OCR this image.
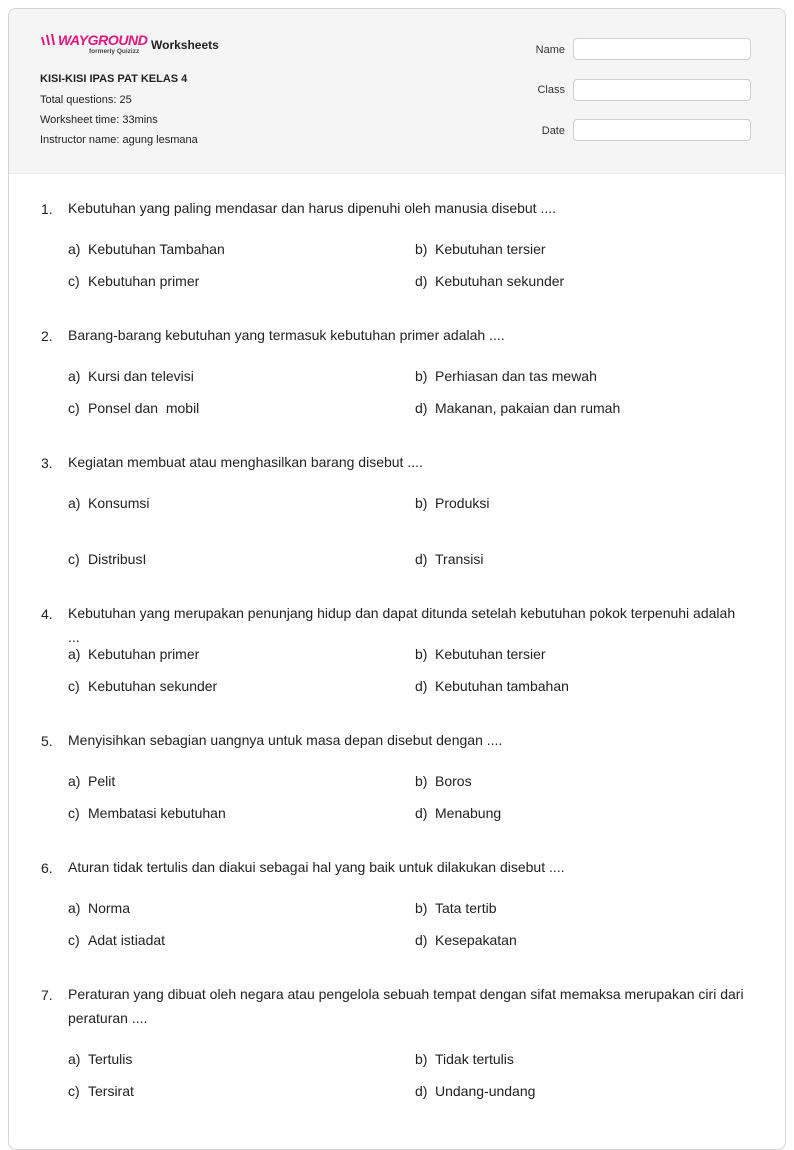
WAYGROUND
formerly Quizizz Worksheets
KISI-KISI IPAS PAT KELAS 4
Total questions: 25
Worksheet time: 33mins
Instructor name: agung lesmana
Name
Class
Date
1. Kebutuhan yang paling mendasar dan harus dipenuhi oleh manusia disebut ....
a) Kebutuhan Tambahan	b) Kebutuhan tersier
c) Kebutuhan primer	d) Kebutuhan sekunder
2. Barang-barang kebutuhan yang termasuk kebutuhan primer adalah ....
a) Kursi dan televisi	b) Perhiasan dan tas mewah
c) Ponsel dan  mobil	d) Makanan, pakaian dan rumah
3. Kegiatan membuat atau menghasilkan barang disebut ....
a) Konsumsi	b) Produksi
c) DistribusI	d) Transisi
4. Kebutuhan yang merupakan penunjang hidup dan dapat ditunda setelah kebutuhan pokok terpenuhi adalah ...
a) Kebutuhan primer	b) Kebutuhan tersier
c) Kebutuhan sekunder	d) Kebutuhan tambahan
5. Menyisihkan sebagian uangnya untuk masa depan disebut dengan ....
a) Pelit	b) Boros
c) Membatasi kebutuhan	d) Menabung
6. Aturan tidak tertulis dan diakui sebagai hal yang baik untuk dilakukan disebut ....
a) Norma	b) Tata tertib
c) Adat istiadat	d) Kesepakatan
7. Peraturan yang dibuat oleh negara atau pengelola sebuah tempat dengan sifat memaksa merupakan ciri dari peraturan ....
a) Tertulis	b) Tidak tertulis
c) Tersirat	d) Undang-undang
